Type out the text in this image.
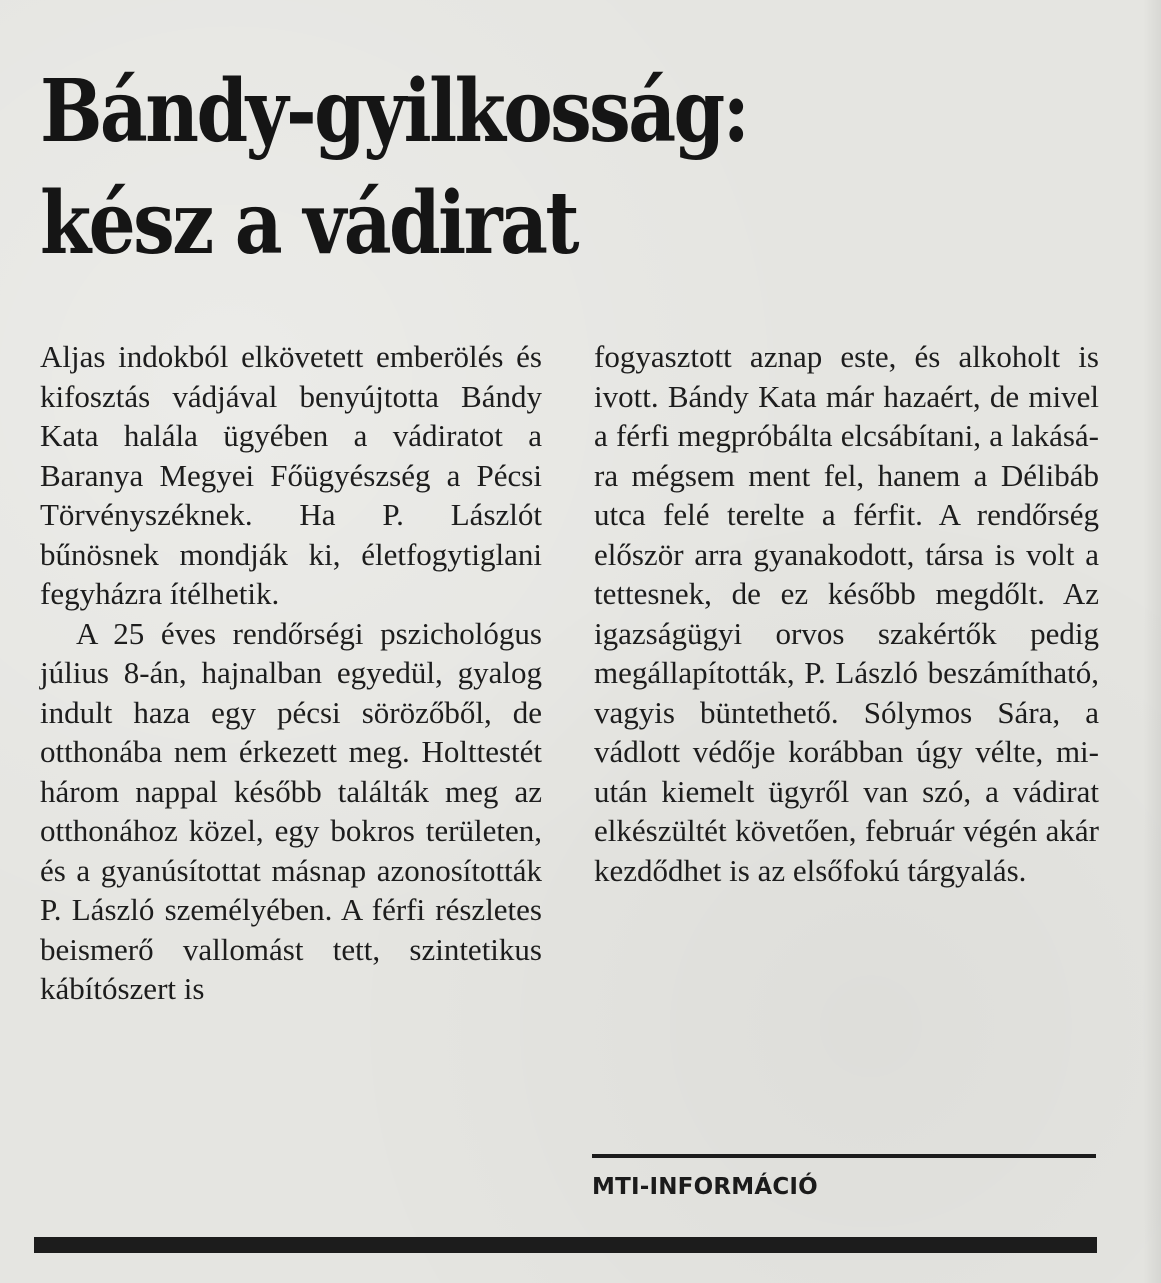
Bándy-gyilkosság:
kész a vádirat

Aljas indokból elkövetett emberölés és kifosztás vádjával benyújtotta Bándy Kata halála ügyében a vádiratot a Baranya Megyei Főügyészség a Pécsi Törvényszéknek. Ha P. Lászlót bűnösnek mondják ki, életfogytiglani fegyházra ítélhetik.

A 25 éves rendőrségi pszichológus július 8-án, hajnalban egyedül, gyalog indult haza egy pécsi sörözőből, de otthonába nem érkezett meg. Holttestét három nappal később találták meg az otthonához közel, egy bokros területen, és a gyanúsítottat másnap azonosították P. László személyében. A férfi részletes beismerő vallomást tett, szintetikus kábítószert is

fogyasztott aznap este, és alkoholt is ivott. Bándy Kata már hazaért, de mivel a férfi megpróbálta elcsábítani, a lakására mégsem ment fel, hanem a Délibáb utca felé terelte a férfit. A rendőrség először arra gyanakodott, társa is volt a tettesnek, de ez később megdőlt. Az igazságügyi orvos szakértők pedig megállapították, P. László beszámítható, vagyis büntethető. Sólymos Sára, a vádlott védője korábban úgy vélte, miután kiemelt ügyről van szó, a vádirat elkészültét követően, február végén akár kezdődhet is az elsőfokú tárgyalás.

MTI-INFORMÁCIÓ
